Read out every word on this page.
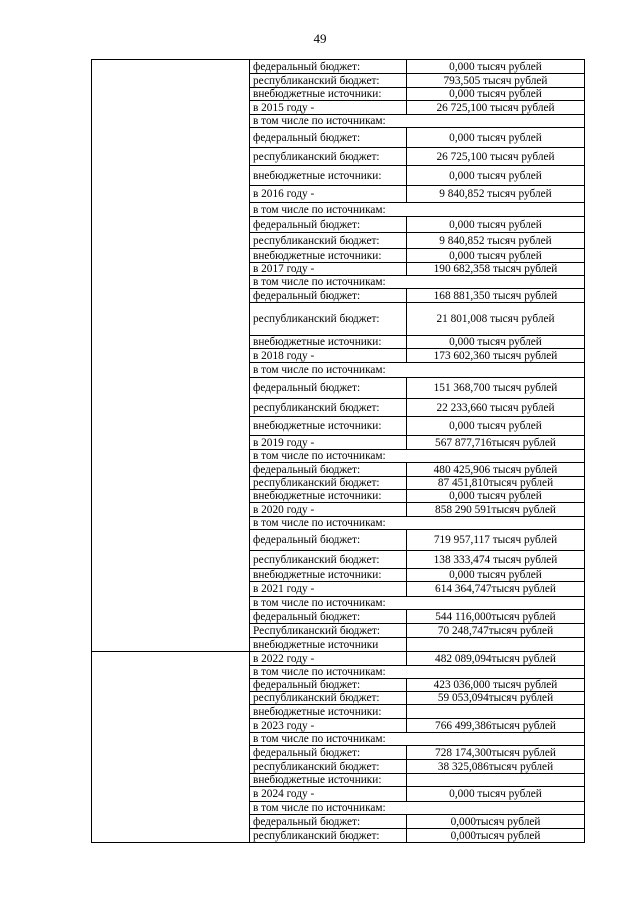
49
	федеральный бюджет:	0,000 тысяч рублей
	республиканский бюджет:	793,505 тысяч рублей
	внебюджетные источники:	0,000 тысяч рублей
	в 2015 году -	26 725,100 тысяч рублей
	в том числе по источникам:	
	федеральный бюджет:	0,000 тысяч рублей
	республиканский бюджет:	26 725,100 тысяч рублей
	внебюджетные источники:	0,000 тысяч рублей
	в 2016 году -	9 840,852 тысяч рублей
	в том числе по источникам:	
	федеральный бюджет:	0,000 тысяч рублей
	республиканский бюджет:	9 840,852 тысяч рублей
	внебюджетные источники:	0,000 тысяч рублей
	в 2017 году -	190 682,358 тысяч рублей
	в том числе по источникам:	
	федеральный бюджет:	168 881,350 тысяч рублей
	республиканский бюджет:	21 801,008 тысяч рублей
	внебюджетные источники:	0,000 тысяч рублей
	в 2018 году -	173 602,360 тысяч рублей
	в том числе по источникам:	
	федеральный бюджет:	151 368,700 тысяч рублей
	республиканский бюджет:	22 233,660 тысяч рублей
	внебюджетные источники:	0,000 тысяч рублей
	в 2019 году -	567 877,716тысяч рублей
	в том числе по источникам:	
	федеральный бюджет:	480 425,906 тысяч рублей
	республиканский бюджет:	87 451,810тысяч рублей
	внебюджетные источники:	0,000 тысяч рублей
	в 2020 году -	858 290 591тысяч рублей
	в том числе по источникам:	
	федеральный бюджет:	719 957,117 тысяч рублей
	республиканский бюджет:	138 333,474 тысяч рублей
	внебюджетные источники:	0,000 тысяч рублей
	в 2021 году -	614 364,747тысяч рублей
	в том числе по источникам:	
	федеральный бюджет:	544 116,000тысяч рублей
	Республиканский бюджет:	70 248,747тысяч рублей
	внебюджетные источники	
	в 2022 году -	482 089,094тысяч рублей
	в том числе по источникам:	
	федеральный бюджет:	423 036,000 тысяч рублей
	республиканский бюджет:	59 053,094тысяч рублей
	внебюджетные источники:	
	в 2023 году -	766 499,386тысяч рублей
	в том числе по источникам:	
	федеральный бюджет:	728 174,300тысяч рублей
	республиканский бюджет:	38 325,086тысяч рублей
	внебюджетные источники:	
	в 2024 году -	0,000 тысяч рублей
	в том числе по источникам:	
	федеральный бюджет:	0,000тысяч рублей
	республиканский бюджет:	0,000тысяч рублей
